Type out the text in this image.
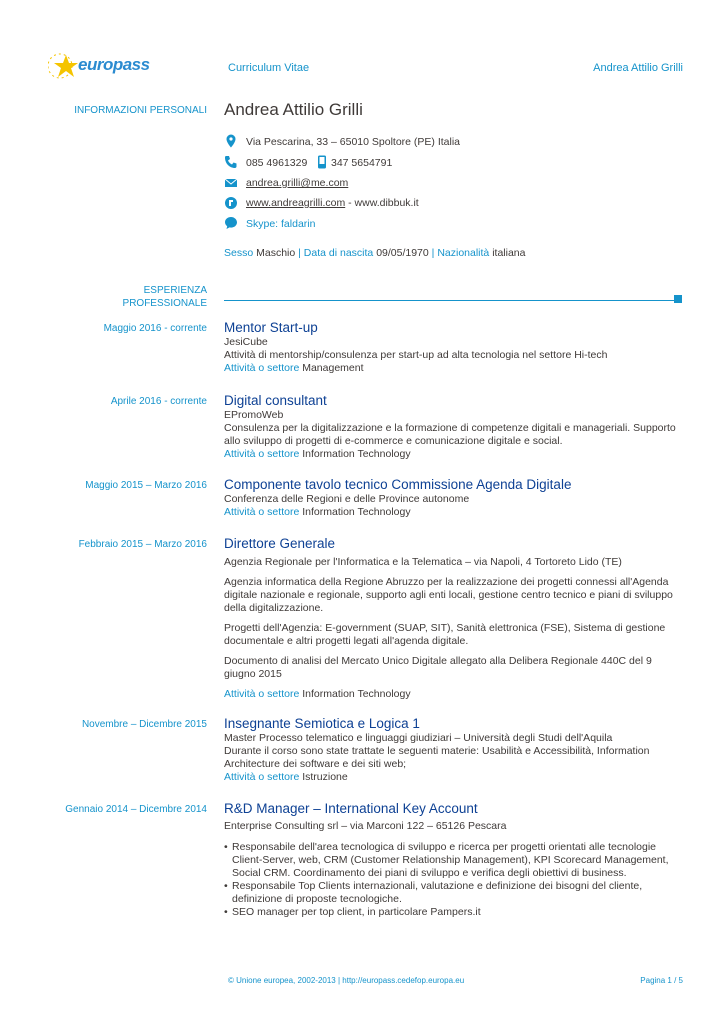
europass	Curriculum Vitae	Andrea Attilio Grilli
INFORMAZIONI PERSONALI Andrea Attilio Grilli
Via Pescarina, 33 – 65010 Spoltore (PE) Italia
085 4961329 347 5654791
andrea.grilli@me.com
www.andreagrilli.com - www.dibbuk.it
Skype: faldarin
Sesso Maschio | Data di nascita 09/05/1970 | Nazionalità italiana
ESPERIENZA
PROFESSIONALE
Maggio 2016 - corrente Mentor Start-up
JesiCube
Attività di mentorship/consulenza per start-up ad alta tecnologia nel settore Hi-tech
Attività o settore Management
Aprile 2016 - corrente Digital consultant
EPromoWeb
Consulenza per la digitalizzazione e la formazione di competenze digitali e manageriali. Supporto allo sviluppo di progetti di e-commerce e comunicazione digitale e social.
Attività o settore Information Technology
Maggio 2015 – Marzo 2016 Componente tavolo tecnico Commissione Agenda Digitale
Conferenza delle Regioni e delle Province autonome
Attività o settore Information Technology
Febbraio 2015 – Marzo 2016 Direttore Generale
Agenzia Regionale per l'Informatica e la Telematica – via Napoli, 4 Tortoreto Lido (TE)
Agenzia informatica della Regione Abruzzo per la realizzazione dei progetti connessi all'Agenda digitale nazionale e regionale, supporto agli enti locali, gestione centro tecnico e piani di sviluppo della digitalizzazione.
Progetti dell'Agenzia: E-government (SUAP, SIT), Sanità elettronica (FSE), Sistema di gestione documentale e altri progetti legati all'agenda digitale.
Documento di analisi del Mercato Unico Digitale allegato alla Delibera Regionale 440C del 9 giugno 2015
Attività o settore Information Technology
Novembre – Dicembre 2015 Insegnante Semiotica e Logica 1
Master Processo telematico e linguaggi giudiziari – Università degli Studi dell'Aquila
Durante il corso sono state trattate le seguenti materie: Usabilità e Accessibilità, Information Architecture dei software e dei siti web;
Attività o settore Istruzione
Gennaio 2014 – Dicembre 2014 R&D Manager – International Key Account
Enterprise Consulting srl – via Marconi 122 – 65126 Pescara
• Responsabile dell'area tecnologica di sviluppo e ricerca per progetti orientati alle tecnologie Client-Server, web, CRM (Customer Relationship Management), KPI Scorecard Management, Social CRM. Coordinamento dei piani di sviluppo e verifica degli obiettivi di business.
• Responsabile Top Clients internazionali, valutazione e definizione dei bisogni del cliente, definizione di proposte tecnologiche.
• SEO manager per top client, in particolare Pampers.it
© Unione europea, 2002-2013 | http://europass.cedefop.europa.eu	Pagina 1 / 5
